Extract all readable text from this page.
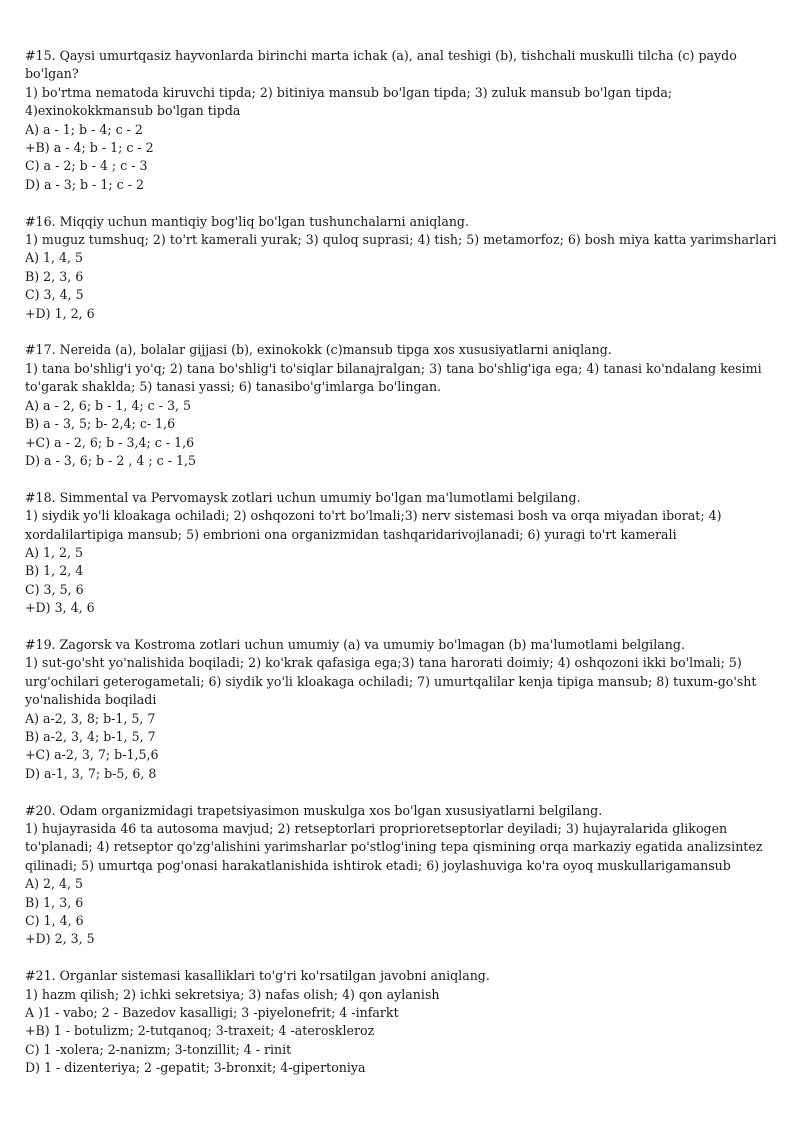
#15. Qaysi umurtqasiz hayvonlarda birinchi marta ichak (a), anal teshigi (b), tishchali muskulli tilcha (c) paydo bo'lgan?
1) bo'rtma nematoda kiruvchi tipda; 2) bitiniya mansub bo'lgan tipda; 3) zuluk mansub bo'lgan tipda; 4)exinokokkmansub bo'lgan tipda
A) a - 1; b - 4; c - 2
+B) a - 4; b - 1; c - 2
C) a - 2; b - 4 ; c - 3
D) a - 3; b - 1; c - 2
#16. Miqqiy uchun mantiqiy bog'liq bo'lgan tushunchalarni aniqlang.
1) muguz tumshuq; 2) to'rt kamerali yurak; 3) quloq suprasi; 4) tish; 5) metamorfoz; 6) bosh miya katta yarimsharlari
A) 1, 4, 5
B) 2, 3, 6
C) 3, 4, 5
+D) 1, 2, 6
#17. Nereida (a), bolalar gijjasi (b), exinokokk (c)mansub tipga xos xususiyatlarni aniqlang.
1) tana bo'shlig'i yo'q; 2) tana bo'shlig'i to'siqlar bilanajralgan; 3) tana bo'shlig'iga ega; 4) tanasi ko'ndalang kesimi to'garak shaklda; 5) tanasi yassi; 6) tanasibo'g'imlarga bo'lingan.
A) a - 2, 6; b - 1, 4; c - 3, 5
B) a - 3, 5; b- 2,4; c- 1,6
+C) a - 2, 6; b - 3,4; c - 1,6
D) a - 3, 6; b - 2 , 4 ; c - 1,5
#18. Simmental va Pervomaysk zotlari uchun umumiy bo'lgan ma'lumotlami belgilang.
1) siydik yo'li kloakaga ochiladi; 2) oshqozoni to'rt bo'lmali;3) nerv sistemasi bosh va orqa miyadan iborat; 4) xordalilartipiga mansub; 5) embrioni ona organizmidan tashqaridarivojlanadi; 6) yuragi to'rt kamerali
A) 1, 2, 5
B) 1, 2, 4
C) 3, 5, 6
+D) 3, 4, 6
#19. Zagorsk va Kostroma zotlari uchun umumiy (a) va umumiy bo'lmagan (b) ma'lumotlami belgilang.
1) sut-go'sht yo'nalishida boqiladi; 2) ko'krak qafasiga ega;3) tana harorati doimiy; 4) oshqozoni ikki bo'lmali; 5) urg'ochilari geterogametali; 6) siydik yo'li kloakaga ochiladi; 7) umurtqalilar kenja tipiga mansub; 8) tuxum-go'sht yo'nalishida boqiladi
A) a-2, 3, 8; b-1, 5, 7
B) a-2, 3, 4; b-1, 5, 7
+C) a-2, 3, 7; b-1,5,6
D) a-1, 3, 7; b-5, 6, 8
#20. Odam organizmidagi trapetsiyasimon muskulga xos bo'lgan xususiyatlarni belgilang.
1) hujayrasida 46 ta autosoma mavjud; 2) retseptorlari proprioretseptorlar deyiladi; 3) hujayralarida glikogen to'planadi; 4) retseptor qo'zg'alishini yarimsharlar po'stlog'ining tepa qismining orqa markaziy egatida analizsintez qilinadi; 5) umurtqa pog'onasi harakatlanishida ishtirok etadi; 6) joylashuviga ko'ra oyoq muskullarigamansub
A) 2, 4, 5
B) 1, 3, 6
C) 1, 4, 6
+D) 2, 3, 5
#21. Organlar sistemasi kasalliklari to'g'ri ko'rsatilgan javobni aniqlang.
1) hazm qilish; 2) ichki sekretsiya; 3) nafas olish; 4) qon aylanish
A )1 - vabo; 2 - Bazedov kasalligi; 3 -piyelonefrit; 4 -infarkt
+B) 1 - botulizm; 2-tutqanoq; 3-traxeit; 4 -ateroskleroz
C) 1 -xolera; 2-nanizm; 3-tonzillit; 4 - rinit
D) 1 - dizenteriya; 2 -gepatit; 3-bronxit; 4-gipertoniya
